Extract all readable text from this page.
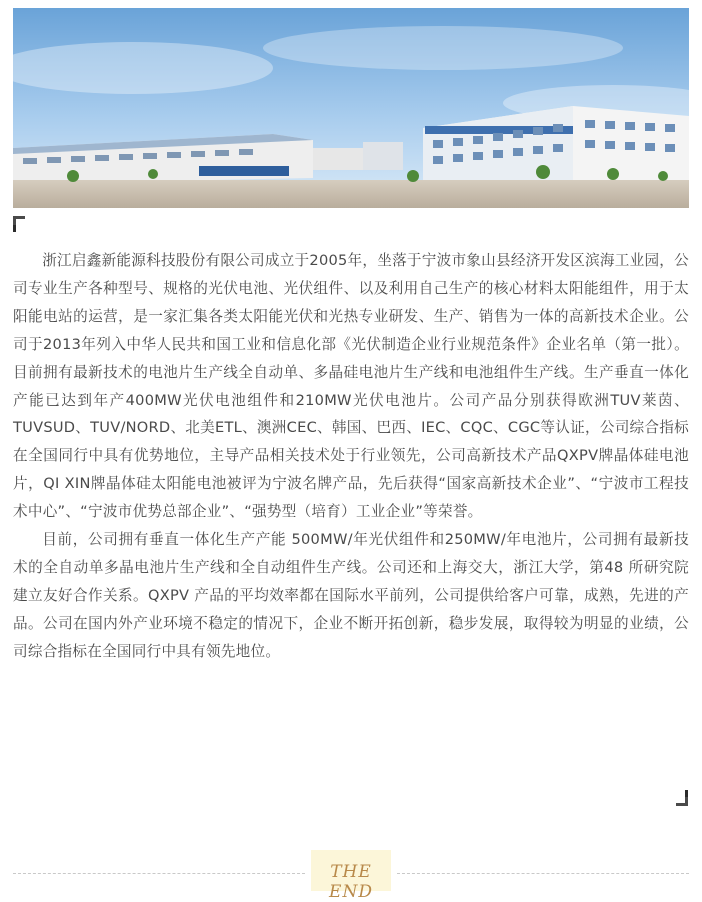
浙江启鑫新能源科技股份有限公司成立于2005年，坐落于宁波市象山县经济开发区滨海工业园，公司专业生产各种型号、规格的光伏电池、光伏组件、以及利用自己生产的核心材料太阳能组件，用于太阳能电站的运营，是一家汇集各类太阳能光伏和光热专业研发、生产、销售为一体的高新技术企业。公司于2013年列入中华人民共和国工业和信息化部《光伏制造企业行业规范条件》企业名单（第一批）。目前拥有最新技术的电池片生产线全自动单、多晶硅电池片生产线和电池组件生产线。生产垂直一体化产能已达到年产400MW光伏电池组件和210MW光伏电池片。公司产品分别获得欧洲TUV莱茵、TUVSUD、TUV/NORD、北美ETL、澳洲CEC、韩国、巴西、IEC、CQC、CGC等认证，公司综合指标在全国同行中具有优势地位，主导产品相关技术处于行业领先，公司高新技术产品QXPV牌晶体硅电池片，QI XIN牌晶体硅太阳能电池被评为宁波名牌产品，先后获得“国家高新技术企业”、“宁波市工程技术中心”、“宁波市优势总部企业”、“强势型（培育）工业企业”等荣誉。

目前，公司拥有垂直一体化生产产能 500MW/年光伏组件和250MW/年电池片，公司拥有最新技术的全自动单多晶电池片生产线和全自动组件生产线。公司还和上海交大，浙江大学，第48 所研究院建立友好合作关系。QXPV 产品的平均效率都在国际水平前列，公司提供给客户可靠，成熟，先进的产品。公司在国内外产业环境不稳定的情况下，企业不断开拓创新，稳步发展，取得较为明显的业绩，公司综合指标在全国同行中具有领先地位。

THE END
